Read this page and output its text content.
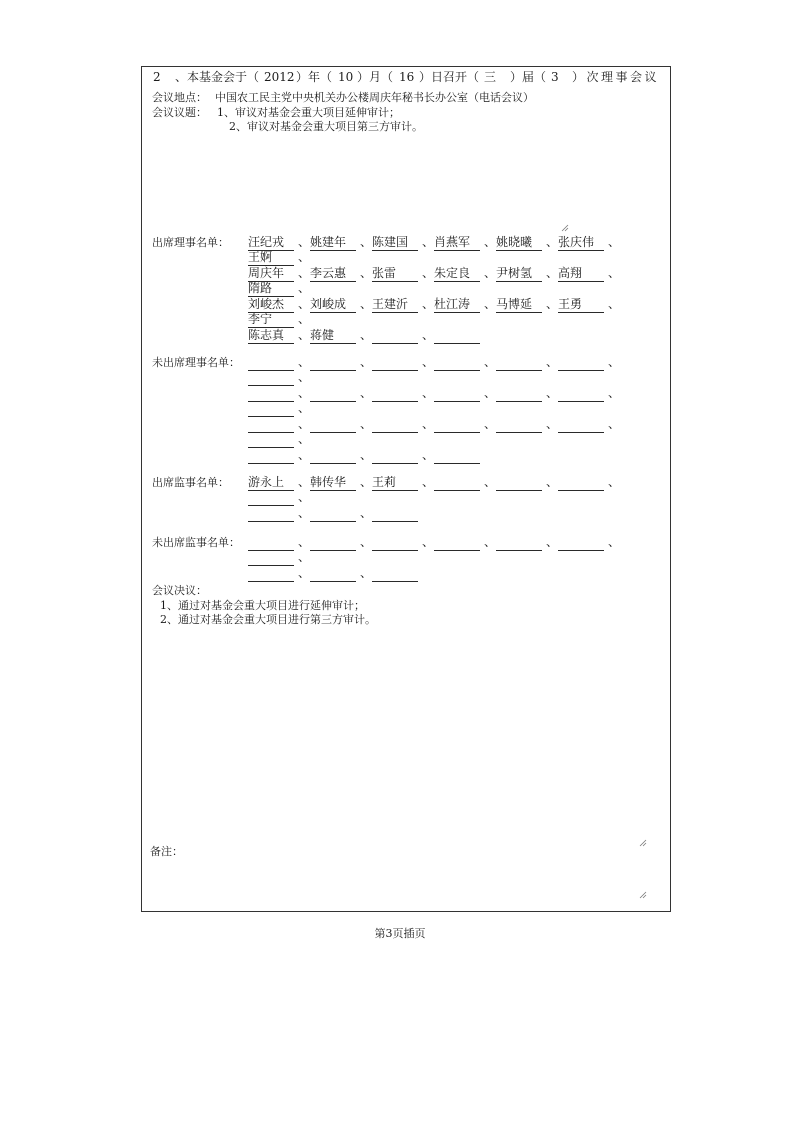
2 、本基金会于（ 2012 ）年（ 10 ）月（ 16 ）日召开（ 三 ）届（ 3 ）次理事会议
会议地点： 中国农工民主党中央机关办公楼周庆年秘书长办公室（电话会议）
会议议题： 1、审议对基金会重大项目延伸审计；
2、审议对基金会重大项目第三方审计。
出席理事名单： 汪纪戎	、 姚建年	、 陈建国	、 肖燕军	、 姚晓曦	、 张庆伟	、
王婀	、
周庆年	、 李云惠	、 张雷	、 朱定良	、 尹树氢	、 高翔	、
隋路	、
刘峻杰	、 刘峻成	、 王建沂	、 杜江涛	、 马博延	、 王勇	、
李宁	、
陈志真	、 蒋健	、	、
未出席理事名单：	、	、	、	、	、	、
、
、	、	、	、	、	、
、
、	、	、	、	、	、
、
、	、	、
出席监事名单： 游永上	、 韩传华	、 王莉	、	、	、	、
、
、	、
未出席监事名单：	、	、	、	、	、	、
、
、	、
会议决议：
1、通过对基金会重大项目进行延伸审计；
2、通过对基金会重大项目进行第三方审计。
备注：
第3页插页
